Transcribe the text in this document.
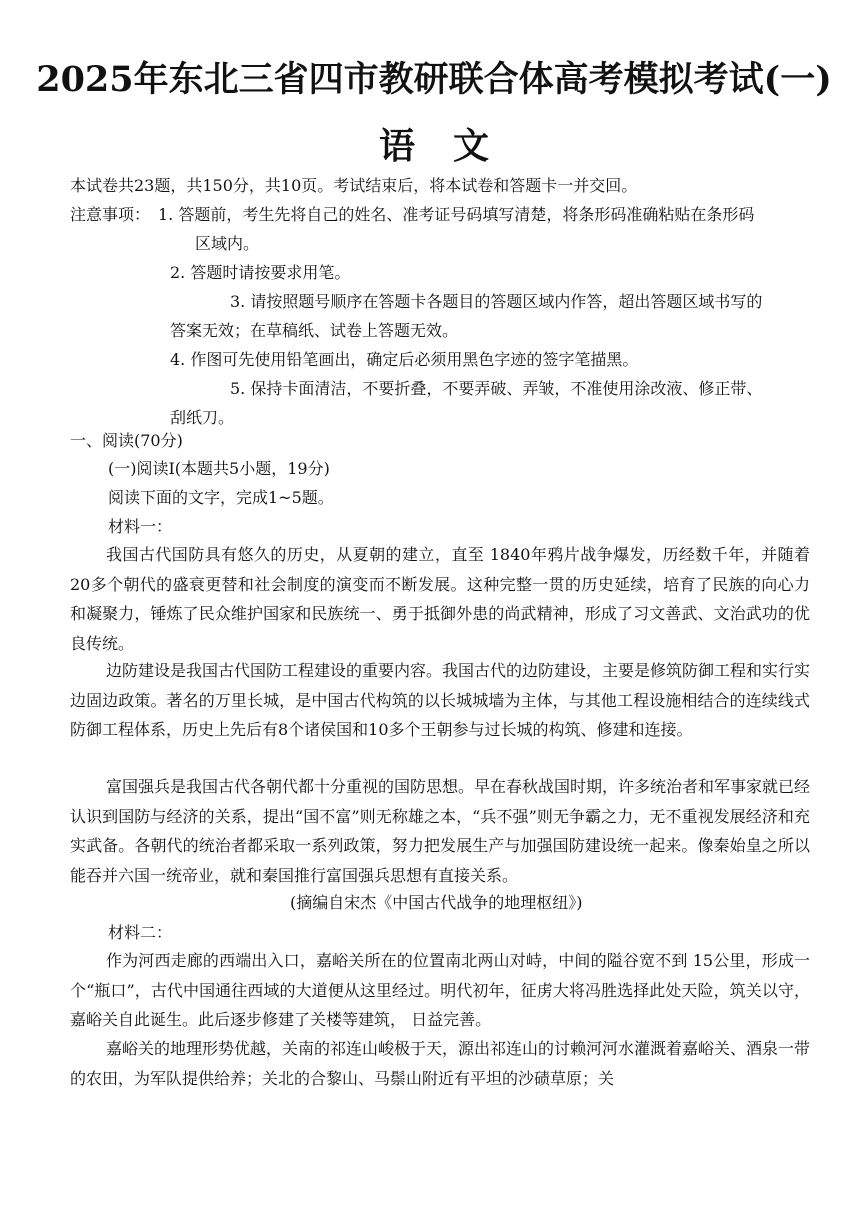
2025年东北三省四市教研联合体高考模拟考试(一)
语文
本试卷共23题，共150分，共10页。考试结束后，将本试卷和答题卡一并交回。
注意事项： 1. 答题前，考生先将自己的姓名、准考证号码填写清楚，将条形码准确粘贴在条形码
区域内。
2. 答题时请按要求用笔。
3. 请按照题号顺序在答题卡各题目的答题区域内作答，超出答题区域书写的
答案无效；在草稿纸、试卷上答题无效。
4. 作图可先使用铅笔画出，确定后必须用黑色字迹的签字笔描黑。
5. 保持卡面清洁，不要折叠，不要弄破、弄皱，不准使用涂改液、修正带、
刮纸刀。
一、阅读(70分)
(一)阅读Ⅰ(本题共5小题，19分)
阅读下面的文字，完成1~5题。
材料一：
我国古代国防具有悠久的历史，从夏朝的建立，直至 1840年鸦片战争爆发，历经数千年，并随着20多个朝代的盛衰更替和社会制度的演变而不断发展。这种完整一贯的历史延续，培育了民族的向心力和凝聚力，锤炼了民众维护国家和民族统一、勇于抵御外患的尚武精神，形成了习文善武、文治武功的优良传统。
边防建设是我国古代国防工程建设的重要内容。我国古代的边防建设，主要是修筑防御工程和实行实边固边政策。著名的万里长城，是中国古代构筑的以长城城墙为主体，与其他工程设施相结合的连续线式防御工程体系，历史上先后有8个诸侯国和10多个王朝参与过长城的构筑、修建和连接。
富国强兵是我国古代各朝代都十分重视的国防思想。早在春秋战国时期，许多统治者和军事家就已经认识到国防与经济的关系，提出“国不富”则无称雄之本，“兵不强”则无争霸之力，无不重视发展经济和充实武备。各朝代的统治者都采取一系列政策，努力把发展生产与加强国防建设统一起来。像秦始皇之所以能吞并六国一统帝业，就和秦国推行富国强兵思想有直接关系。
(摘编自宋杰《中国古代战争的地理枢纽》)
材料二：
作为河西走廊的西端出入口，嘉峪关所在的位置南北两山对峙，中间的隘谷宽不到 15公里，形成一个“瓶口”，古代中国通往西域的大道便从这里经过。明代初年，征虏大将冯胜选择此处天险，筑关以守，嘉峪关自此诞生。此后逐步修建了关楼等建筑， 日益完善。
嘉峪关的地理形势优越，关南的祁连山峻极于天，源出祁连山的讨赖河河水灌溉着嘉峪关、酒泉一带的农田，为军队提供给养；关北的合黎山、马鬃山附近有平坦的沙碛草原；关
